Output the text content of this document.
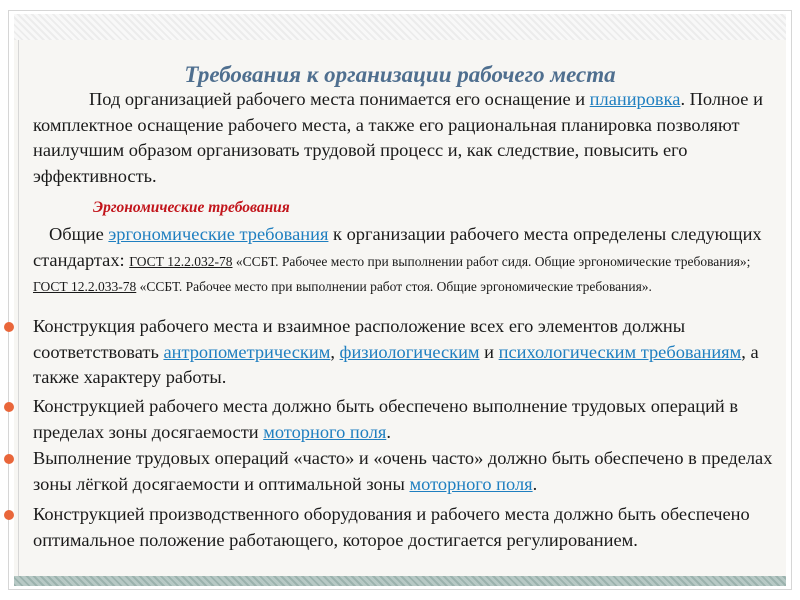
Требования к организации рабочего места

Под организацией рабочего места понимается его оснащение и планировка. Полное и комплектное оснащение рабочего места, а также его рациональная планировка позволяют наилучшим образом организовать трудовой процесс и, как следствие, повысить его эффективность.

Эргономические требования

Общие эргономические требования к организации рабочего места определены следующих стандартах: ГОСТ 12.2.032-78 «ССБТ. Рабочее место при выполнении работ сидя. Общие эргономические требования»; ГОСТ 12.2.033-78 «ССБТ. Рабочее место при выполнении работ стоя. Общие эргономические требования».

Конструкция рабочего места и взаимное расположение всех его элементов должны соответствовать антропометрическим, физиологическим и психологическим требованиям, а также характеру работы.

Конструкцией рабочего места должно быть обеспечено выполнение трудовых операций в пределах зоны досягаемости моторного поля.

Выполнение трудовых операций «часто» и «очень часто» должно быть обеспечено в пределах зоны лёгкой досягаемости и оптимальной зоны моторного поля.

Конструкцией производственного оборудования и рабочего места должно быть обеспечено оптимальное положение работающего, которое достигается регулированием.
